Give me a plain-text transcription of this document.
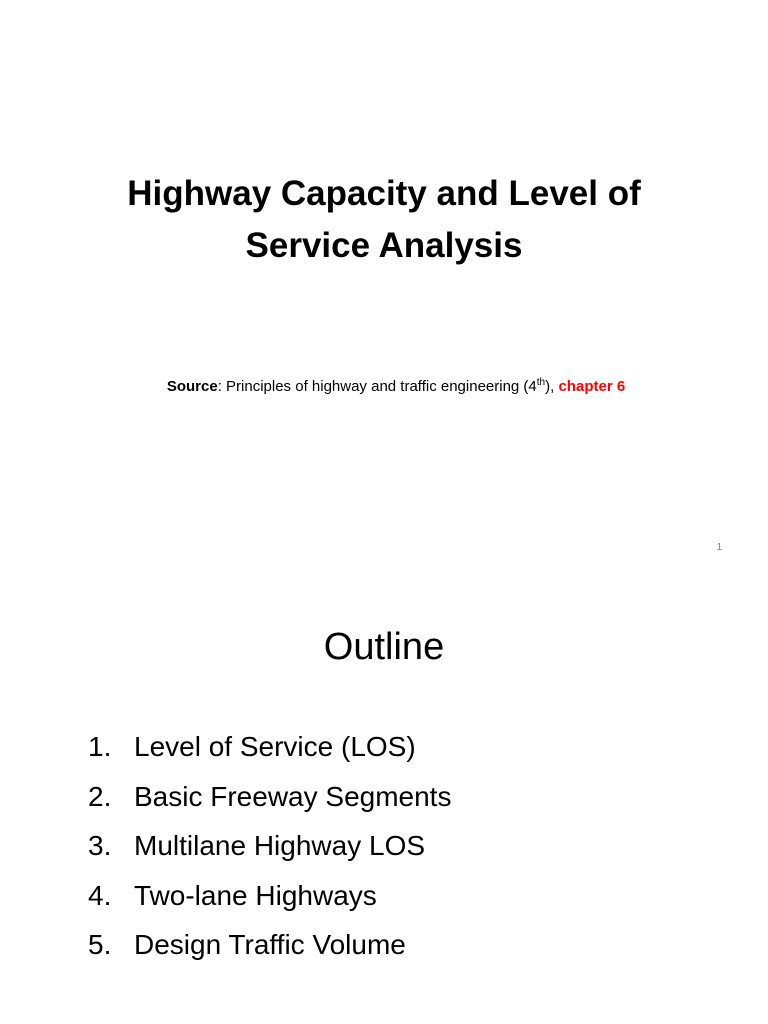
Highway Capacity and Level of
Service Analysis

Source: Principles of highway and traffic engineering (4th), chapter 6

1
Outline
1. Level of Service (LOS)
2. Basic Freeway Segments
3. Multilane Highway LOS
4. Two-lane Highways
5. Design Traffic Volume
